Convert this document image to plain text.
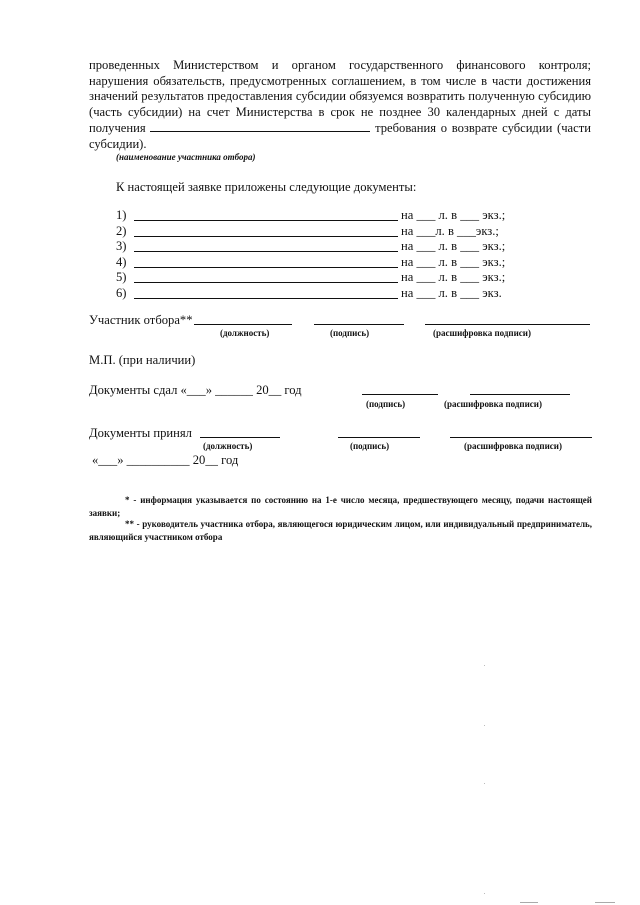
проведенных Министерством и органом государственного финансового контроля; нарушения обязательств, предусмотренных соглашением, в том числе в части достижения значений результатов предоставления субсидии обязуемся возвратить полученную субсидию (часть субсидии) на счет Министерства в срок не позднее 30 календарных дней с даты получения	требования о возврате субсидии (части субсидии).
(наименование участника отбора)
К настоящей заявке приложены следующие документы:
1)	на ___ л. в ___ экз.;
2)	на ___л. в ___экз.;
3)	на ___ л. в ___ экз.;
4)	на ___ л. в ___ экз.;
5)	на ___ л. в ___ экз.;
6)	на ___ л. в ___ экз.
Участник отбора**
(должность)	(подпись)	(расшифровка подписи)
М.П. (при наличии)
Документы сдал «___» ______ 20__ год
(подпись)	(расшифровка подписи)
Документы принял
(должность)	(подпись)	(расшифровка подписи)
«___» __________ 20__ год
* - информация указывается по состоянию на 1-е число месяца, предшествующего месяцу, подачи настоящей заявки;
** - руководитель участника отбора, являющегося юридическим лицом, или индивидуальный предприниматель, являющийся участником отбора
